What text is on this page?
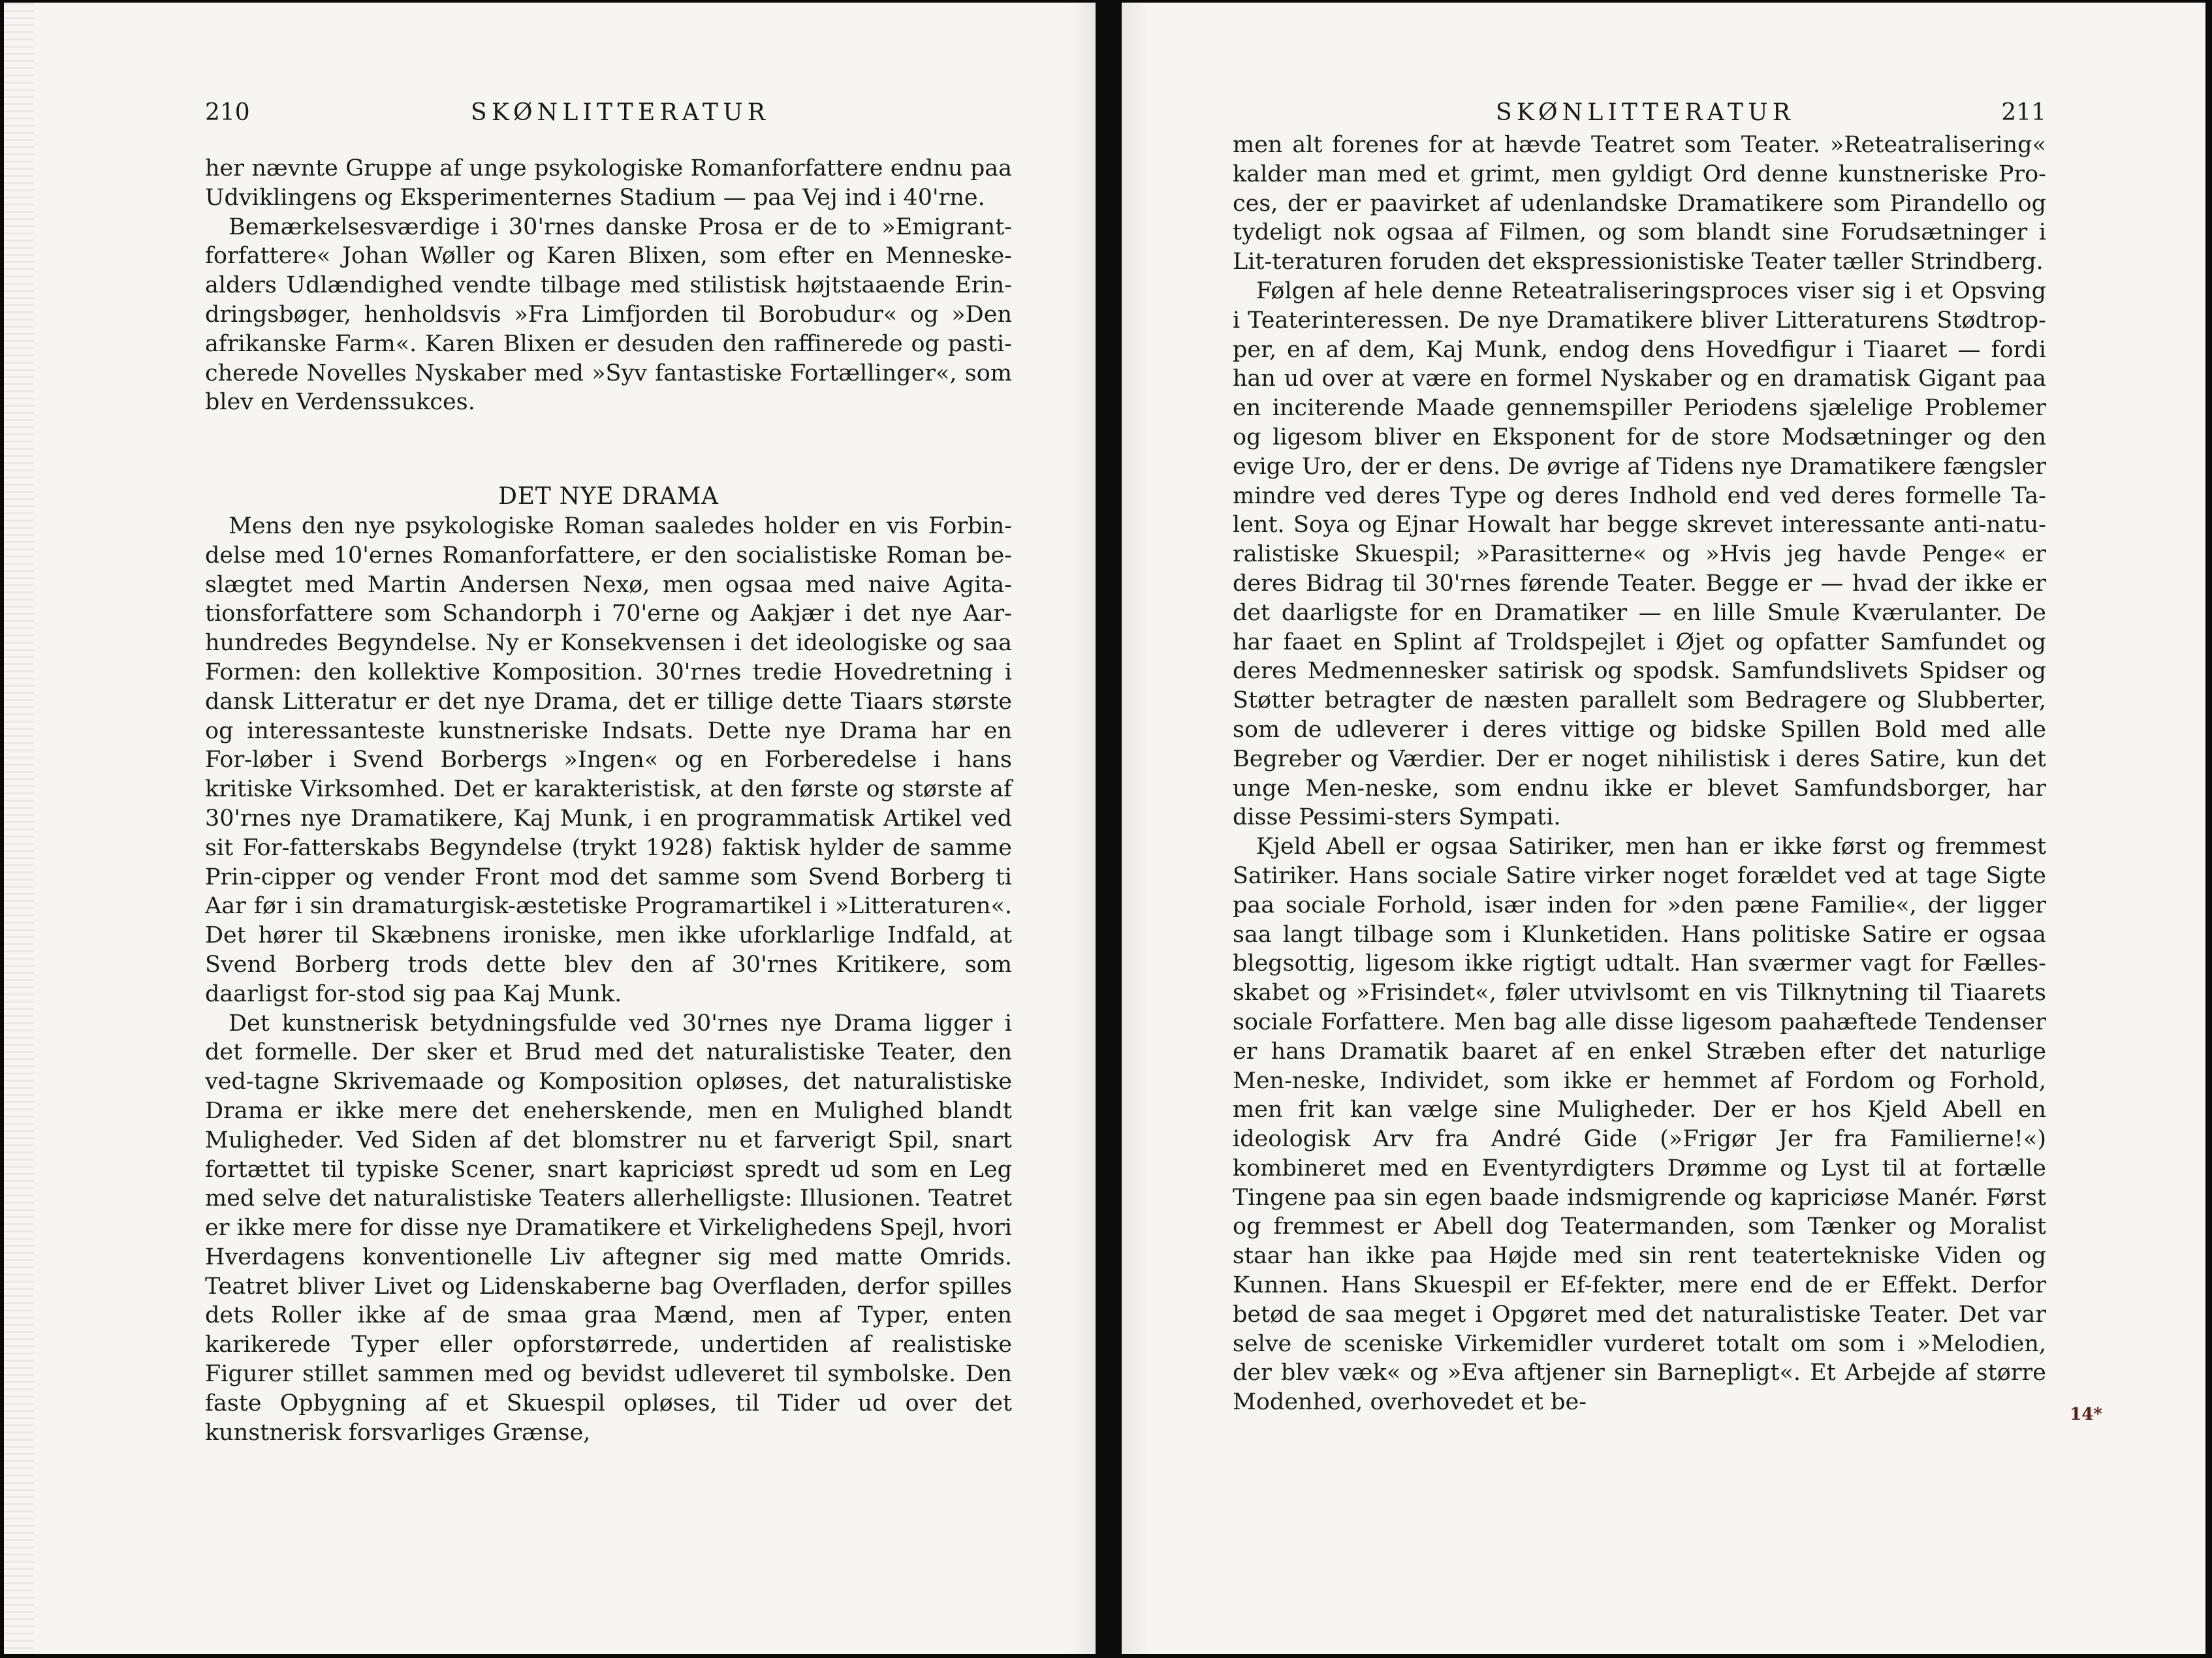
210	SKØNLITTERATUR

her nævnte Gruppe af unge psykologiske Romanforfattere endnu paa Udviklingens og Eksperimenternes Stadium — paa Vej ind i 40'rne.

Bemærkelsesværdige i 30'rnes danske Prosa er de to »Emigrant-forfattere« Johan Wøller og Karen Blixen, som efter en Menneske-alders Udlændighed vendte tilbage med stilistisk højtstaaende Erin-dringsbøger, henholdsvis »Fra Limfjorden til Borobudur« og »Den afrikanske Farm«. Karen Blixen er desuden den raffinerede og pasti-cherede Novelles Nyskaber med »Syv fantastiske Fortællinger«, som blev en Verdenssukces.

DET NYE DRAMA

Mens den nye psykologiske Roman saaledes holder en vis Forbin-delse med 10'ernes Romanforfattere, er den socialistiske Roman be-slægtet med Martin Andersen Nexø, men ogsaa med naive Agita-tionsforfattere som Schandorph i 70'erne og Aakjær i det nye Aar-hundredes Begyndelse. Ny er Konsekvensen i det ideologiske og saa Formen: den kollektive Komposition. 30'rnes tredie Hovedretning i dansk Litteratur er det nye Drama, det er tillige dette Tiaars største og interessanteste kunstneriske Indsats. Dette nye Drama har en For-løber i Svend Borbergs »Ingen« og en Forberedelse i hans kritiske Virksomhed. Det er karakteristisk, at den første og største af 30'rnes nye Dramatikere, Kaj Munk, i en programmatisk Artikel ved sit For-fatterskabs Begyndelse (trykt 1928) faktisk hylder de samme Prin-cipper og vender Front mod det samme som Svend Borberg ti Aar før i sin dramaturgisk-æstetiske Programartikel i »Litteraturen«. Det hører til Skæbnens ironiske, men ikke uforklarlige Indfald, at Svend Borberg trods dette blev den af 30'rnes Kritikere, som daarligst for-stod sig paa Kaj Munk.

Det kunstnerisk betydningsfulde ved 30'rnes nye Drama ligger i det formelle. Der sker et Brud med det naturalistiske Teater, den ved-tagne Skrivemaade og Komposition opløses, det naturalistiske Drama er ikke mere det eneherskende, men en Mulighed blandt Muligheder. Ved Siden af det blomstrer nu et farverigt Spil, snart fortættet til typiske Scener, snart kapriciøst spredt ud som en Leg med selve det naturalistiske Teaters allerhelligste: Illusionen. Teatret er ikke mere for disse nye Dramatikere et Virkelighedens Spejl, hvori Hverdagens konventionelle Liv aftegner sig med matte Omrids. Teatret bliver Livet og Lidenskaberne bag Overfladen, derfor spilles dets Roller ikke af de smaa graa Mænd, men af Typer, enten karikerede Typer eller opforstørrede, undertiden af realistiske Figurer stillet sammen med og bevidst udleveret til symbolske. Den faste Opbygning af et Skuespil opløses, til Tider ud over det kunstnerisk forsvarliges Grænse,

SKØNLITTERATUR	211

men alt forenes for at hævde Teatret som Teater. »Reteatralisering« kalder man med et grimt, men gyldigt Ord denne kunstneriske Pro-ces, der er paavirket af udenlandske Dramatikere som Pirandello og tydeligt nok ogsaa af Filmen, og som blandt sine Forudsætninger i Lit-teraturen foruden det ekspressionistiske Teater tæller Strindberg.

Følgen af hele denne Reteatraliseringsproces viser sig i et Opsving i Teaterinteressen. De nye Dramatikere bliver Litteraturens Stødtrop-per, en af dem, Kaj Munk, endog dens Hovedfigur i Tiaaret — fordi han ud over at være en formel Nyskaber og en dramatisk Gigant paa en inciterende Maade gennemspiller Periodens sjælelige Problemer og ligesom bliver en Eksponent for de store Modsætninger og den evige Uro, der er dens. De øvrige af Tidens nye Dramatikere fængsler mindre ved deres Type og deres Indhold end ved deres formelle Ta-lent. Soya og Ejnar Howalt har begge skrevet interessante anti-natu-ralistiske Skuespil; »Parasitterne« og »Hvis jeg havde Penge« er deres Bidrag til 30'rnes førende Teater. Begge er — hvad der ikke er det daarligste for en Dramatiker — en lille Smule Kværulanter. De har faaet en Splint af Troldspejlet i Øjet og opfatter Samfundet og deres Medmennesker satirisk og spodsk. Samfundslivets Spidser og Støtter betragter de næsten parallelt som Bedragere og Slubberter, som de udleverer i deres vittige og bidske Spillen Bold med alle Begreber og Værdier. Der er noget nihilistisk i deres Satire, kun det unge Men-neske, som endnu ikke er blevet Samfundsborger, har disse Pessimi-sters Sympati.

Kjeld Abell er ogsaa Satiriker, men han er ikke først og fremmest Satiriker. Hans sociale Satire virker noget forældet ved at tage Sigte paa sociale Forhold, især inden for »den pæne Familie«, der ligger saa langt tilbage som i Klunketiden. Hans politiske Satire er ogsaa blegsottig, ligesom ikke rigtigt udtalt. Han sværmer vagt for Fælles-skabet og »Frisindet«, føler utvivlsomt en vis Tilknytning til Tiaarets sociale Forfattere. Men bag alle disse ligesom paahæftede Tendenser er hans Dramatik baaret af en enkel Stræben efter det naturlige Men-neske, Individet, som ikke er hemmet af Fordom og Forhold, men frit kan vælge sine Muligheder. Der er hos Kjeld Abell en ideologisk Arv fra André Gide (»Frigør Jer fra Familierne!«) kombineret med en Eventyrdigters Drømme og Lyst til at fortælle Tingene paa sin egen baade indsmigrende og kapriciøse Manér. Først og fremmest er Abell dog Teatermanden, som Tænker og Moralist staar han ikke paa Højde med sin rent teatertekniske Viden og Kunnen. Hans Skuespil er Ef-fekter, mere end de er Effekt. Derfor betød de saa meget i Opgøret med det naturalistiske Teater. Det var selve de sceniske Virkemidler vurderet totalt om som i »Melodien, der blev væk« og »Eva aftjener sin Barnepligt«. Et Arbejde af større Modenhed, overhovedet et be-	14*
